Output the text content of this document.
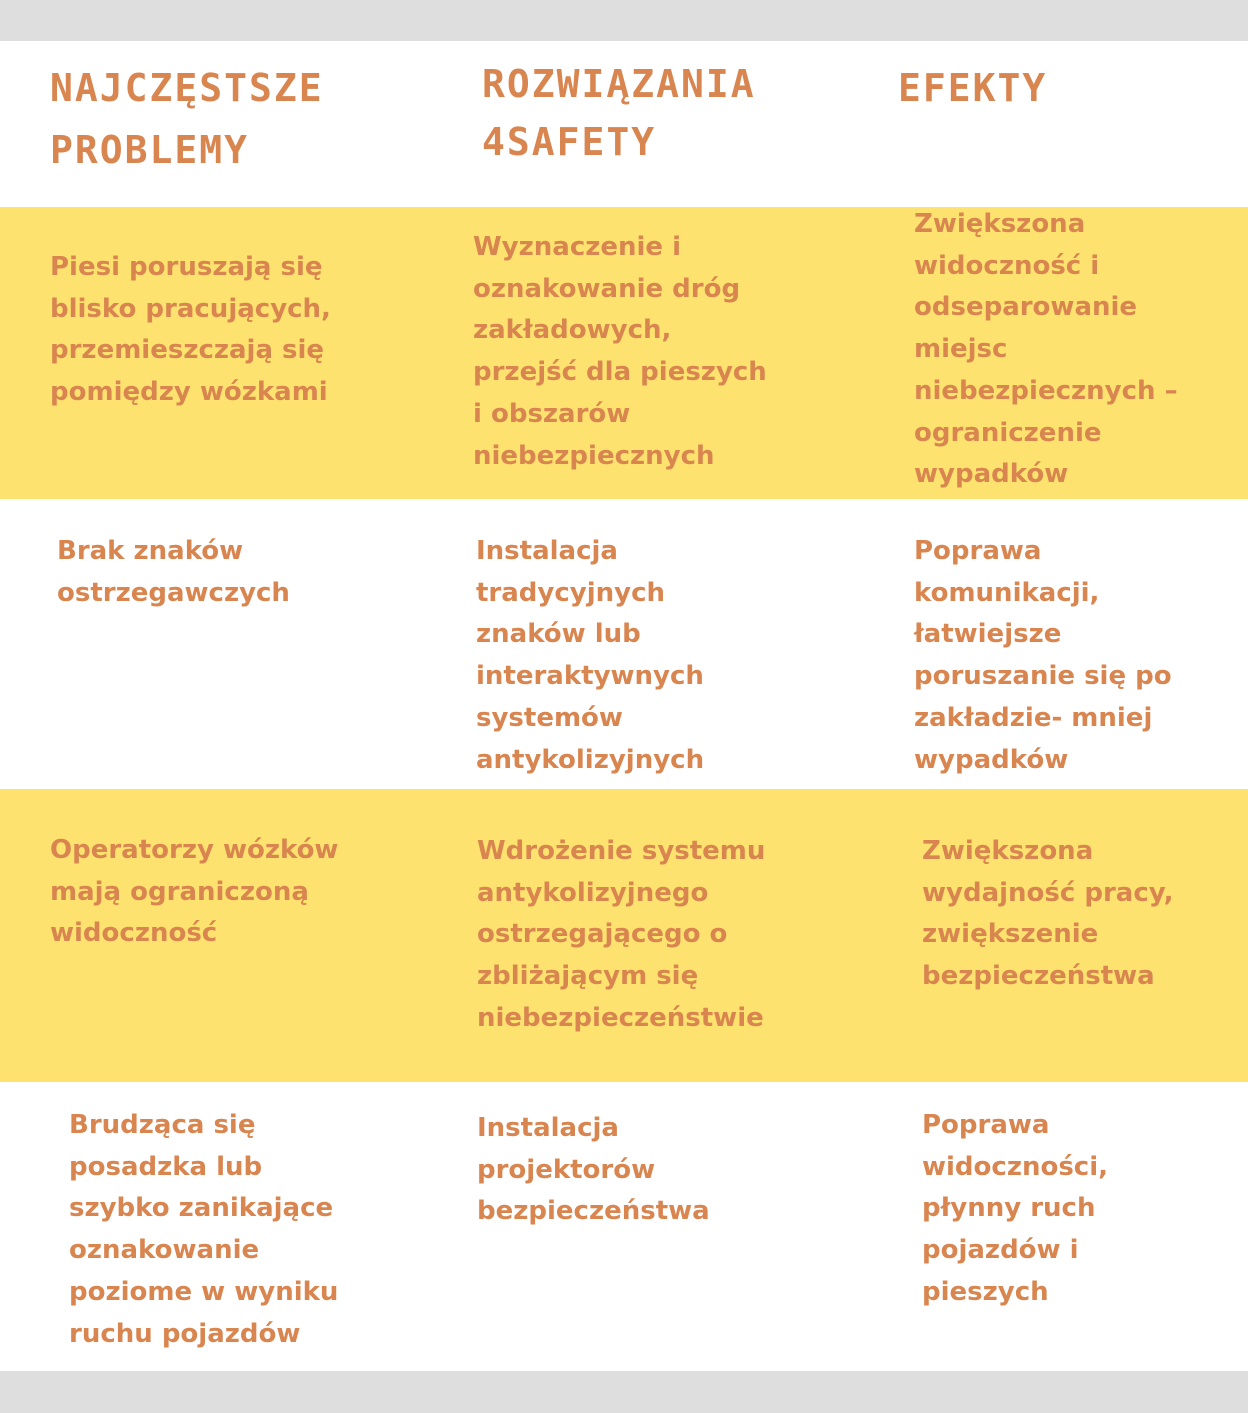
NAJCZĘSTSZE
PROBLEMY
ROZWIĄZANIA
4SAFETY
EFEKTY

Piesi poruszają się
blisko pracujących,
przemieszczają się
pomiędzy wózkami

Wyznaczenie i
oznakowanie dróg
zakładowych,
przejść dla pieszych
i obszarów
niebezpiecznych

Zwiększona
widoczność i
odseparowanie
miejsc
niebezpiecznych –
ograniczenie
wypadków

Brak znaków
ostrzegawczych

Instalacja
tradycyjnych
znaków lub
interaktywnych
systemów
antykolizyjnych

Poprawa
komunikacji,
łatwiejsze
poruszanie się po
zakładzie- mniej
wypadków

Operatorzy wózków
mają ograniczoną
widoczność

Wdrożenie systemu
antykolizyjnego
ostrzegającego o
zbliżającym się
niebezpieczeństwie

Zwiększona
wydajność pracy,
zwiększenie
bezpieczeństwa

Brudząca się
posadzka lub
szybko zanikające
oznakowanie
poziome w wyniku
ruchu pojazdów

Instalacja
projektorów
bezpieczeństwa

Poprawa
widoczności,
płynny ruch
pojazdów i
pieszych
